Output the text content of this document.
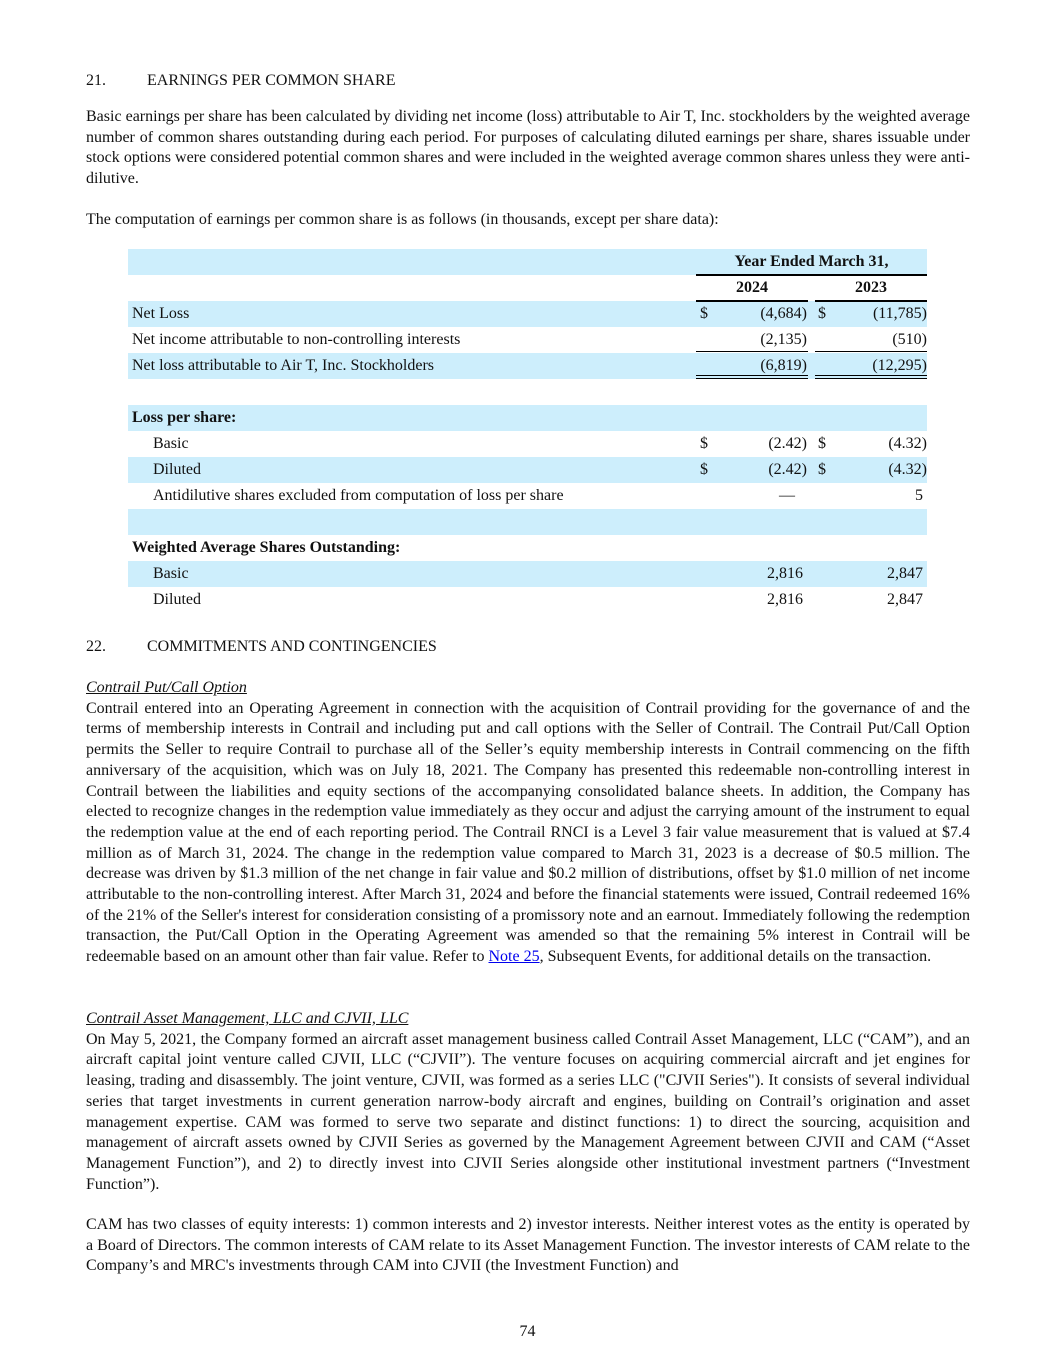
21.	EARNINGS PER COMMON SHARE
Basic earnings per share has been calculated by dividing net income (loss) attributable to Air T, Inc. stockholders by the weighted average number of common shares outstanding during each period. For purposes of calculating diluted earnings per share, shares issuable under stock options were considered potential common shares and were included in the weighted average common shares unless they were anti-dilutive.
The computation of earnings per common share is as follows (in thousands, except per share data):
Year Ended March 31,
2024	2023
Net Loss	$	(4,684) $	(11,785)
Net income attributable to non-controlling interests	(2,135)	(510)
Net loss attributable to Air T, Inc. Stockholders	(6,819)	(12,295)
Loss per share:
Basic	$	(2.42) $	(4.32)
Diluted	$	(2.42) $	(4.32)
Antidilutive shares excluded from computation of loss per share	—	5
Weighted Average Shares Outstanding:
Basic	2,816	2,847
Diluted	2,816	2,847
22.	COMMITMENTS AND CONTINGENCIES
Contrail Put/Call Option
Contrail entered into an Operating Agreement in connection with the acquisition of Contrail providing for the governance of and the terms of membership interests in Contrail and including put and call options with the Seller of Contrail. The Contrail Put/Call Option permits the Seller to require Contrail to purchase all of the Seller’s equity membership interests in Contrail commencing on the fifth anniversary of the acquisition, which was on July 18, 2021. The Company has presented this redeemable non-controlling interest in Contrail between the liabilities and equity sections of the accompanying consolidated balance sheets. In addition, the Company has elected to recognize changes in the redemption value immediately as they occur and adjust the carrying amount of the instrument to equal the redemption value at the end of each reporting period. The Contrail RNCI is a Level 3 fair value measurement that is valued at $7.4 million as of March 31, 2024. The change in the redemption value compared to March 31, 2023 is a decrease of $0.5 million. The decrease was driven by $1.3 million of the net change in fair value and $0.2 million of distributions, offset by $1.0 million of net income attributable to the non-controlling interest. After March 31, 2024 and before the financial statements were issued, Contrail redeemed 16% of the 21% of the Seller's interest for consideration consisting of a promissory note and an earnout. Immediately following the redemption transaction, the Put/Call Option in the Operating Agreement was amended so that the remaining 5% interest in Contrail will be redeemable based on an amount other than fair value. Refer to Note 25, Subsequent Events, for additional details on the transaction.
Contrail Asset Management, LLC and CJVII, LLC
On May 5, 2021, the Company formed an aircraft asset management business called Contrail Asset Management, LLC (“CAM”), and an aircraft capital joint venture called CJVII, LLC (“CJVII”). The venture focuses on acquiring commercial aircraft and jet engines for leasing, trading and disassembly. The joint venture, CJVII, was formed as a series LLC ("CJVII Series"). It consists of several individual series that target investments in current generation narrow-body aircraft and engines, building on Contrail’s origination and asset management expertise. CAM was formed to serve two separate and distinct functions: 1) to direct the sourcing, acquisition and management of aircraft assets owned by CJVII Series as governed by the Management Agreement between CJVII and CAM (“Asset Management Function”), and 2) to directly invest into CJVII Series alongside other institutional investment partners (“Investment Function”).
CAM has two classes of equity interests: 1) common interests and 2) investor interests. Neither interest votes as the entity is operated by a Board of Directors. The common interests of CAM relate to its Asset Management Function. The investor interests of CAM relate to the Company’s and MRC's investments through CAM into CJVII (the Investment Function) and
74
